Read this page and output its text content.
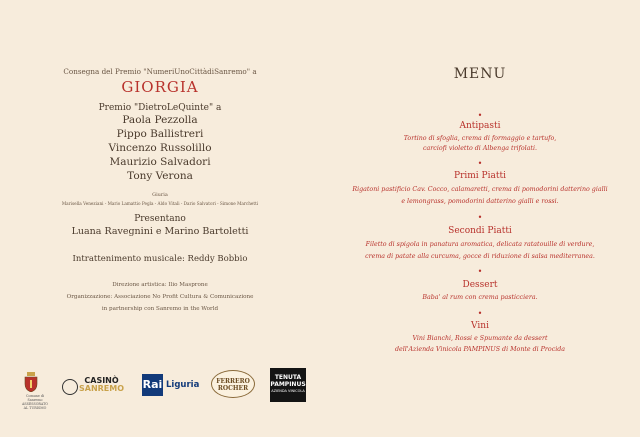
Consegna del Premio "NumeriUnoCittàdiSanremo" a
GIORGIA
Premio "DietroLeQuinte" a
Paola Pezzolla
Pippo Ballistreri
Vincenzo Russolillo
Maurizio Salvadori
Tony Verona
Giuria
Marisella Veneziani - Mario Lamattio Pegla - Aldo Vitali - Dario Salvatori - Simone Marchetti
Presentano
Luana Ravegnini e Marino Bartoletti
Intrattenimento musicale: Reddy Bobbio
Direzione artistica: Ilio Masprone
Organizzazione: Associazione No Profit Cultura & Comunicazione
in partnership con Sanremo in the World
Comune di Sanremo
ASSESSORATO AL TURISMO
CASINÒ
SANREMO Rai Liguria	FERRERO
ROCHER
TENUTA
PAMPINUS
AZIENDA VINICOLA
MENU
•
Antipasti
Tortino di sfoglia, crema di formaggio e tartufo,
carciofi violetto di Albenga trifolati.
•
Primi Piatti
Rigatoni pastificio Cav. Cocco, calamaretti, crema di pomodorini datterino gialli
e lemongrass, pomodorini datterino gialli e rossi.
•
Secondi Piatti
Filetto di spigola in panatura aromatica, delicata ratatouille di verdure,
crema di patate alla curcuma, gocce di riduzione di salsa mediterranea.
•
Dessert
Baba' al rum con crema pasticciera.
•
Vini
Vini Bianchi, Rossi e Spumante da dessert
dell'Azienda Vinicola PAMPINUS di Monte di Procida
